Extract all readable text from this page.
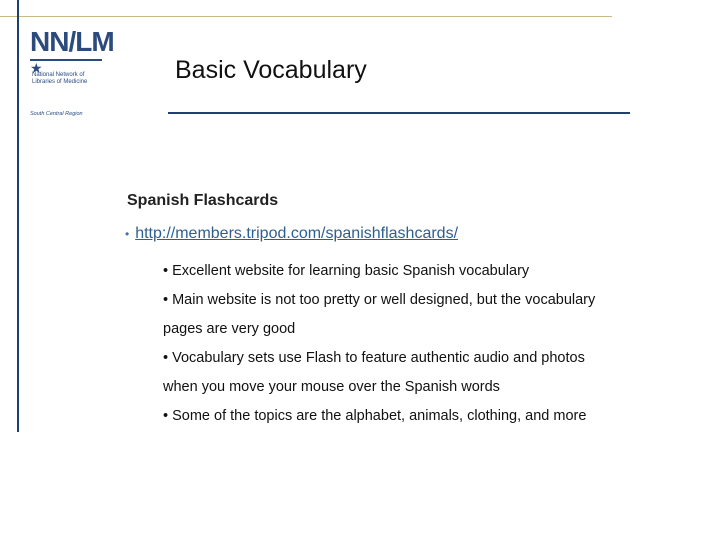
NN/LM
★
National Network of
Libraries of Medicine
South Central Region
Basic Vocabulary
Spanish Flashcards
• http://members.tripod.com/spanishflashcards/
• Excellent website for learning basic Spanish vocabulary
• Main website is not too pretty or well designed, but the vocabulary
pages are very good
• Vocabulary sets use Flash to feature authentic audio and photos
when you move your mouse over the Spanish words
• Some of the topics are the alphabet, animals, clothing, and more
